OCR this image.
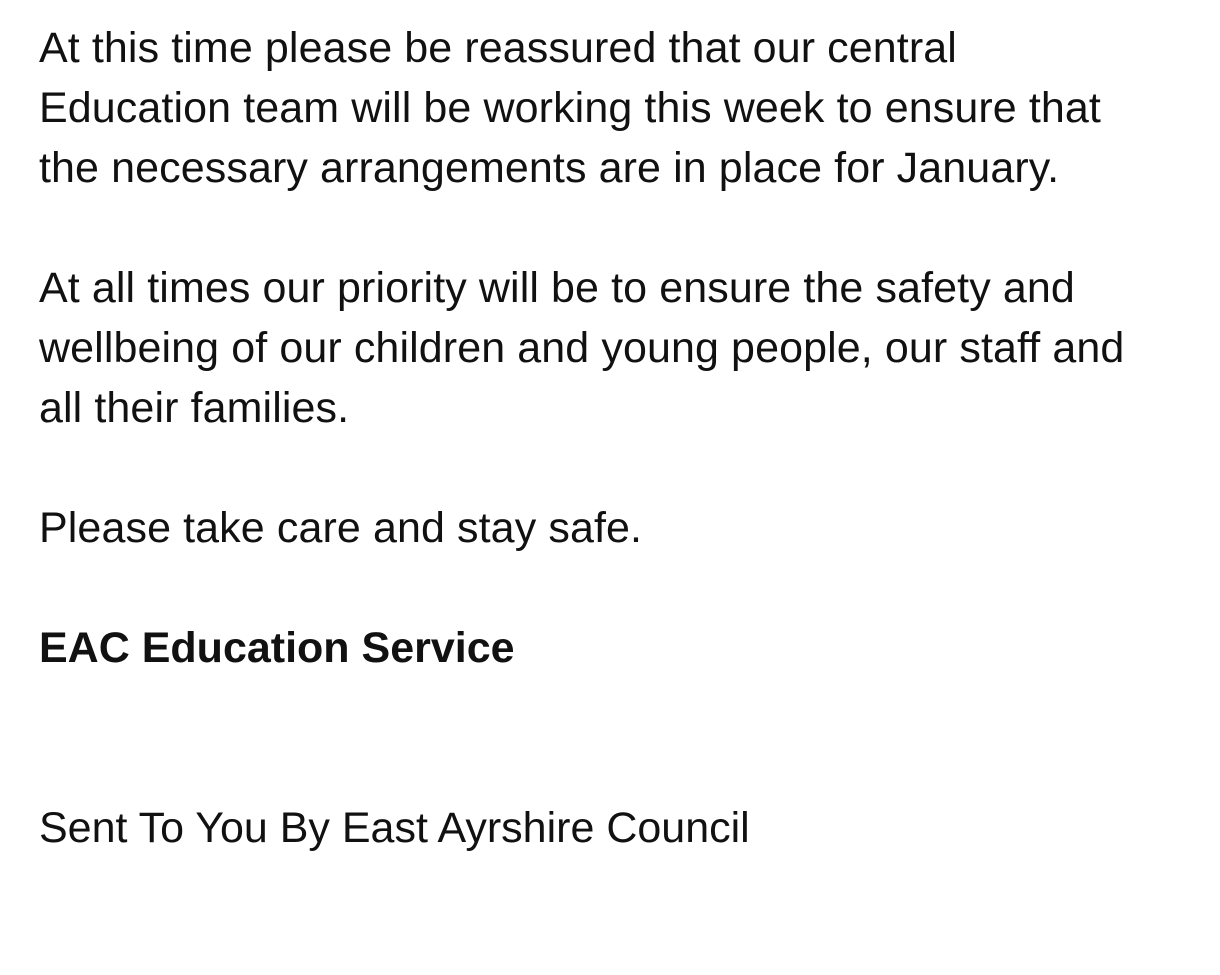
At this time please be reassured that our central Education team will be working this week to ensure that the necessary arrangements are in place for January.

At all times our priority will be to ensure the safety and wellbeing of our children and young people, our staff and all their families.

Please take care and stay safe.

EAC Education Service

Sent To You By East Ayrshire Council
